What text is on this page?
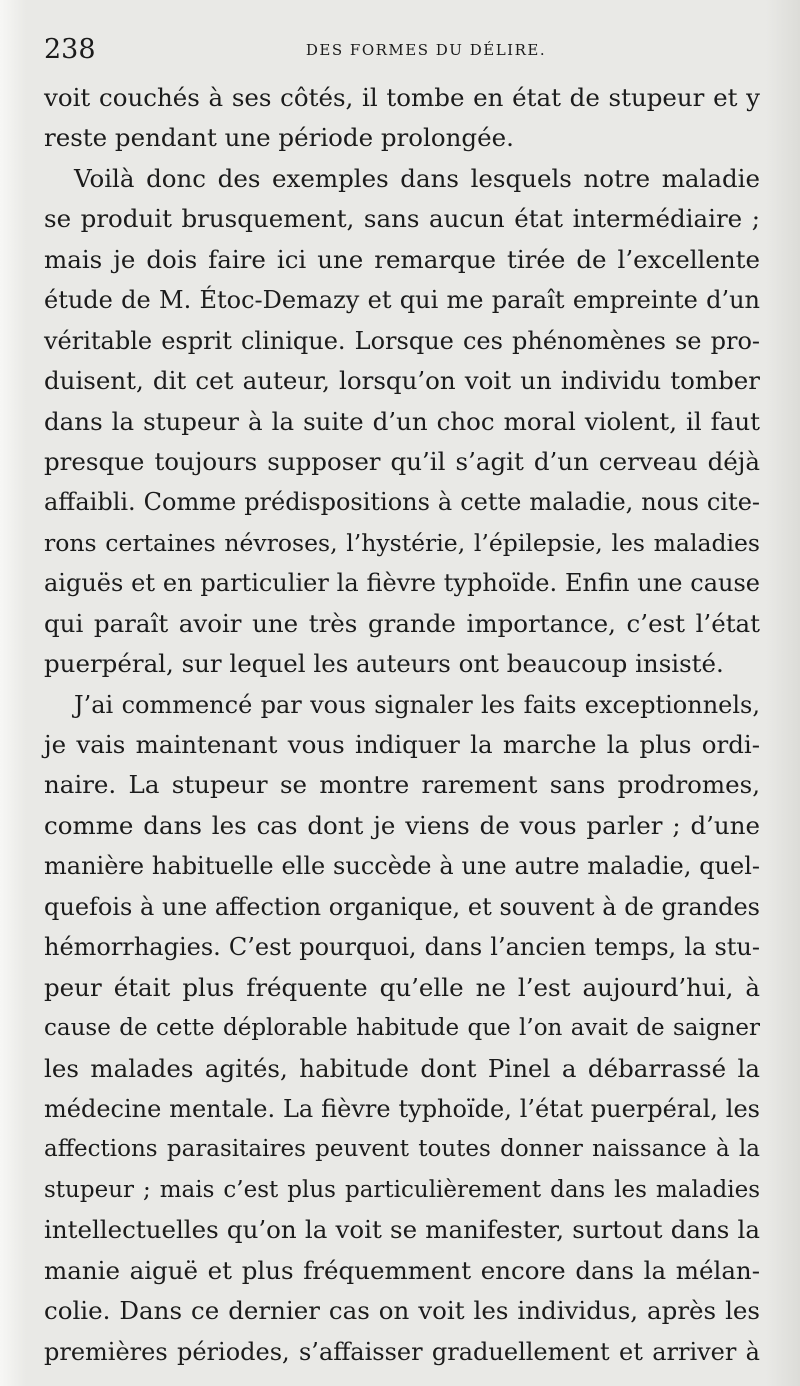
238	DES FORMES DU DÉLIRE.
voit couchés à ses côtés, il tombe en état de stupeur et y
reste pendant une période prolongée.
Voilà donc des exemples dans lesquels notre maladie
se produit brusquement, sans aucun état intermédiaire ;
mais je dois faire ici une remarque tirée de l’excellente
étude de M. Étoc-Demazy et qui me paraît empreinte d’un
véritable esprit clinique. Lorsque ces phénomènes se pro-
duisent, dit cet auteur, lorsqu’on voit un individu tomber
dans la stupeur à la suite d’un choc moral violent, il faut
presque toujours supposer qu’il s’agit d’un cerveau déjà
affaibli. Comme prédispositions à cette maladie, nous cite-
rons certaines névroses, l’hystérie, l’épilepsie, les maladies
aiguës et en particulier la fièvre typhoïde. Enfin une cause
qui paraît avoir une très grande importance, c’est l’état
puerpéral, sur lequel les auteurs ont beaucoup insisté.
J’ai commencé par vous signaler les faits exceptionnels,
je vais maintenant vous indiquer la marche la plus ordi-
naire. La stupeur se montre rarement sans prodromes,
comme dans les cas dont je viens de vous parler ; d’une
manière habituelle elle succède à une autre maladie, quel-
quefois à une affection organique, et souvent à de grandes
hémorrhagies. C’est pourquoi, dans l’ancien temps, la stu-
peur était plus fréquente qu’elle ne l’est aujourd’hui, à
cause de cette déplorable habitude que l’on avait de saigner
les malades agités, habitude dont Pinel a débarrassé la
médecine mentale. La fièvre typhoïde, l’état puerpéral, les
affections parasitaires peuvent toutes donner naissance à la
stupeur ; mais c’est plus particulièrement dans les maladies
intellectuelles qu’on la voit se manifester, surtout dans la
manie aiguë et plus fréquemment encore dans la mélan-
colie. Dans ce dernier cas on voit les individus, après les
premières périodes, s’affaisser graduellement et arriver à
